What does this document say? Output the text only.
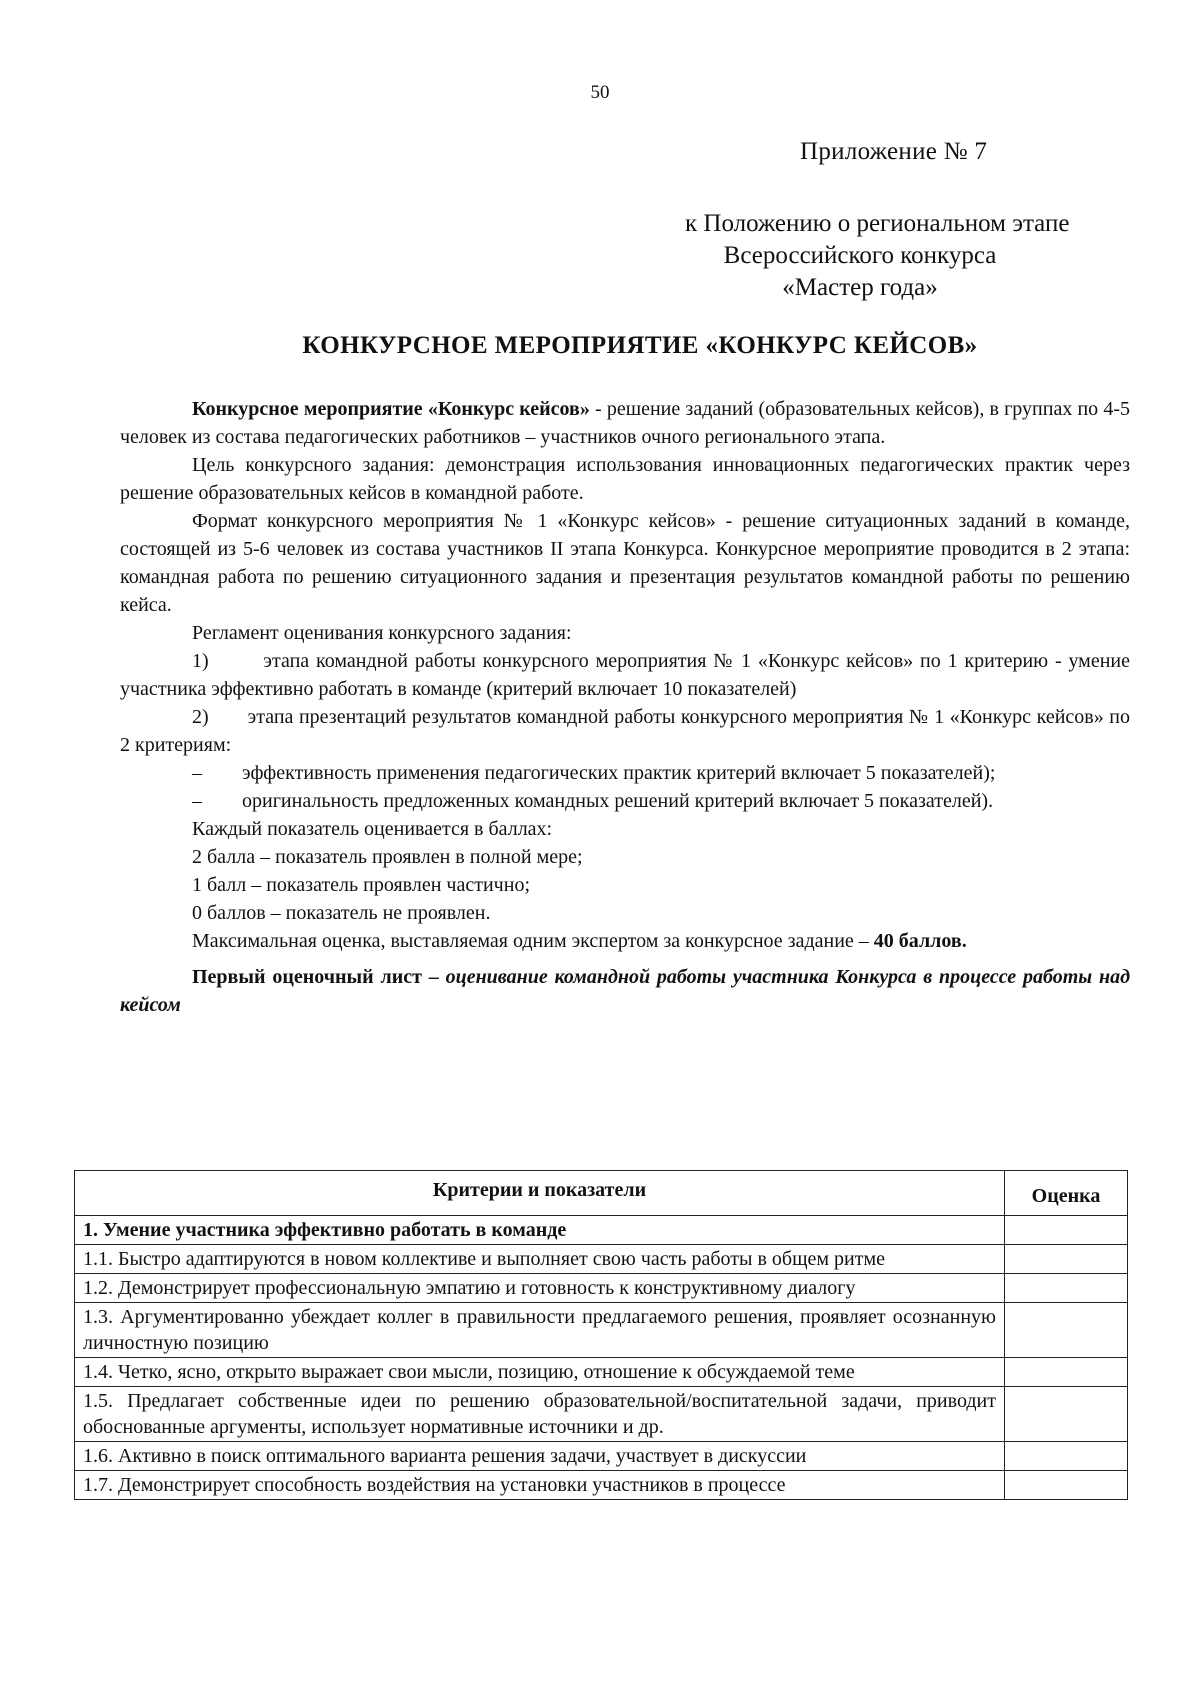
50
Приложение № 7
к Положению о региональном этапе
Всероссийского конкурса
«Мастер года»
КОНКУРСНОЕ МЕРОПРИЯТИЕ «КОНКУРС КЕЙСОВ»

Конкурсное мероприятие «Конкурс кейсов» - решение заданий (образовательных кейсов), в группах по 4-5 человек из состава педагогических работников – участников очного регионального этапа.

Цель конкурсного задания: демонстрация использования инновационных педагогических практик через решение образовательных кейсов в командной работе.

Формат конкурсного мероприятия № 1 «Конкурс кейсов» - решение ситуационных заданий в команде, состоящей из 5-6 человек из состава участников II этапа Конкурса. Конкурсное мероприятие проводится в 2 этапа: командная работа по решению ситуационного задания и презентация результатов командной работы по решению кейса.

Регламент оценивания конкурсного задания:

1)        этапа командной работы конкурсного мероприятия № 1 «Конкурс кейсов» по 1 критерию - умение участника эффективно работать в команде (критерий включает 10 показателей)

2)       этапа презентаций результатов командной работы конкурсного мероприятия № 1 «Конкурс кейсов» по 2 критериям:

–        эффективность применения педагогических практик критерий включает 5 показателей);

–        оригинальность предложенных командных решений критерий включает 5 показателей).

Каждый показатель оценивается в баллах:

2 балла – показатель проявлен в полной мере;

1 балл – показатель проявлен частично;

0 баллов – показатель не проявлен.

Максимальная оценка, выставляемая одним экспертом за конкурсное задание – 40 баллов.

Первый оценочный лист – оценивание командной работы участника Конкурса в процессе работы над кейсом

Критерии и показатели	Оценка
1. Умение участника эффективно работать в команде	
1.1. Быстро адаптируются в новом коллективе и выполняет свою часть работы в общем ритме	
1.2. Демонстрирует профессиональную эмпатию и готовность к конструктивному диалогу	
1.3. Аргументированно убеждает коллег в правильности предлагаемого решения, проявляет осознанную личностную позицию	
1.4. Четко, ясно, открыто выражает свои мысли, позицию, отношение к обсуждаемой теме	
1.5. Предлагает собственные идеи по решению образовательной/воспитательной задачи, приводит обоснованные аргументы, использует нормативные источники и др.	
1.6. Активно в поиск оптимального варианта решения задачи, участвует в дискуссии	
1.7. Демонстрирует способность воздействия на установки участников в процессе	
